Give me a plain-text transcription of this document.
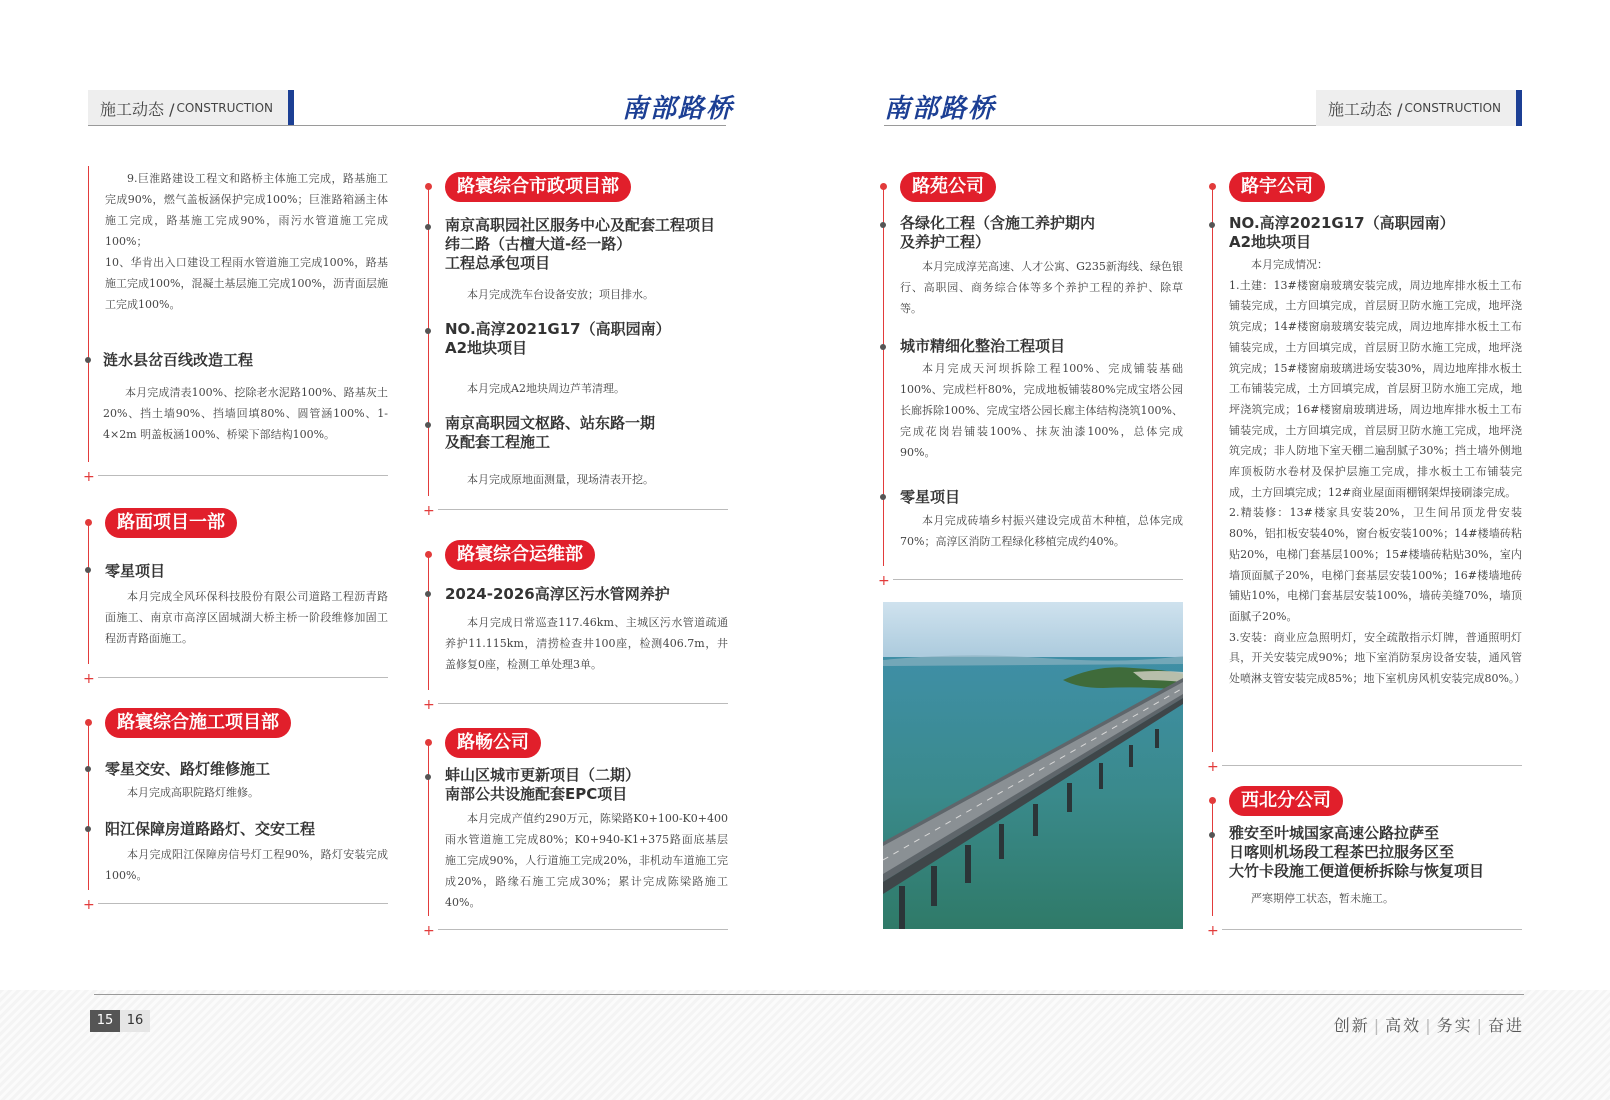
施工动态 / CONSTRUCTION	南部路桥	南部路桥	施工动态 / CONSTRUCTION
+
9.巨淮路建设工程文和路桥主体施工完成，路基施工完成90%，燃气盖板涵保护完成100%；巨淮路箱涵主体施工完成，路基施工完成90%，雨污水管道施工完成100%；
10、华肯出入口建设工程雨水管道施工完成100%，路基施工完成100%，混凝土基层施工完成100%，沥青面层施工完成100%。
涟水县岔百线改造工程
本月完成清表100%、挖除老水泥路100%、路基灰土20%、挡土墙90%、挡墙回填80%、圆管涵100%、1-4×2m 明盖板涵100%、桥梁下部结构100%。
+
路面项目一部
零星项目
本月完成全风环保科技股份有限公司道路工程沥青路面施工、南京市高淳区固城湖大桥主桥一阶段维修加固工程沥青路面施工。
+
路寰综合施工项目部
零星交安、路灯维修施工
本月完成高职院路灯维修。
阳江保障房道路路灯、交安工程
本月完成阳江保障房信号灯工程90%，路灯安装完成100%。
+
路寰综合市政项目部
南京高职园社区服务中心及配套工程项目
纬二路（古檀大道-经一路）
工程总承包项目
本月完成洗车台设备安放；项目排水。
NO.高淳2021G17（高职园南）
A2地块项目
本月完成A2地块周边芦苇清理。
南京高职园文枢路、站东路一期
及配套工程施工
本月完成原地面测量，现场清表开挖。
+
路寰综合运维部
2024-2026高淳区污水管网养护
本月完成日常巡查117.46km、主城区污水管道疏通养护11.115km，清捞检查井100座，检测406.7m，井盖修复0座，检测工单处理3单。
+
路畅公司
蚌山区城市更新项目（二期）
南部公共设施配套EPC项目
本月完成产值约290万元，陈梁路K0+100-K0+400雨水管道施工完成80%；K0+940-K1+375路面底基层施工完成90%，人行道施工完成20%，非机动车道施工完成20%，路缘石施工完成30%；累计完成陈梁路施工40%。
+
路苑公司
各绿化工程（含施工养护期内
及养护工程）
本月完成淳芜高速、人才公寓、G235新海线、绿色银行、高职园、商务综合体等多个养护工程的养护、除草等。
城市精细化整治工程项目
本月完成天河坝拆除工程100%、完成铺装基础100%、完成栏杆80%，完成地板铺装80%完成宝塔公园长廊拆除100%、完成宝塔公园长廊主体结构浇筑100%、完成花岗岩铺装100%、抹灰油漆100%，总体完成90%。
零星项目
本月完成砖墙乡村振兴建设完成苗木种植，总体完成70%；高淳区消防工程绿化移植完成约40%。
+
路宇公司
NO.高淳2021G17（高职园南）
A2地块项目
本月完成情况：
1.土建：13#楼窗扇玻璃安装完成，周边地库排水板土工布铺装完成，土方回填完成，首层厨卫防水施工完成，地坪浇筑完成；14#楼窗扇玻璃安装完成，周边地库排水板土工布铺装完成，土方回填完成，首层厨卫防水施工完成，地坪浇筑完成；15#楼窗扇玻璃进场安装30%，周边地库排水板土工布铺装完成，土方回填完成，首层厨卫防水施工完成，地坪浇筑完成；16#楼窗扇玻璃进场，周边地库排水板土工布铺装完成，土方回填完成，首层厨卫防水施工完成，地坪浇筑完成；非人防地下室天棚二遍刮腻子30%；挡土墙外侧地库顶板防水卷材及保护层施工完成，排水板土工布铺装完成，土方回填完成；12#商业屋面雨棚钢架焊接刷漆完成。
2.精装修：13#楼家具安装20%，卫生间吊顶龙骨安装80%，铝扣板安装40%，窗台板安装100%；14#楼墙砖粘贴20%，电梯门套基层100%；15#楼墙砖粘贴30%，室内墙顶面腻子20%，电梯门套基层安装100%；16#楼墙地砖铺贴10%，电梯门套基层安装100%，墙砖美缝70%，墙顶面腻子20%。
3.安装：商业应急照明灯，安全疏散指示灯牌，普通照明灯具，开关安装完成90%；地下室消防泵房设备安装，通风管处喷淋支管安装完成85%；地下室机房风机安装完成80%。）
+
西北分公司
雅安至叶城国家高速公路拉萨至
日喀则机场段工程茶巴拉服务区至
大竹卡段施工便道便桥拆除与恢复项目
严寒期停工状态，暂未施工。
15	16	创新 | 高效 | 务实 | 奋进
